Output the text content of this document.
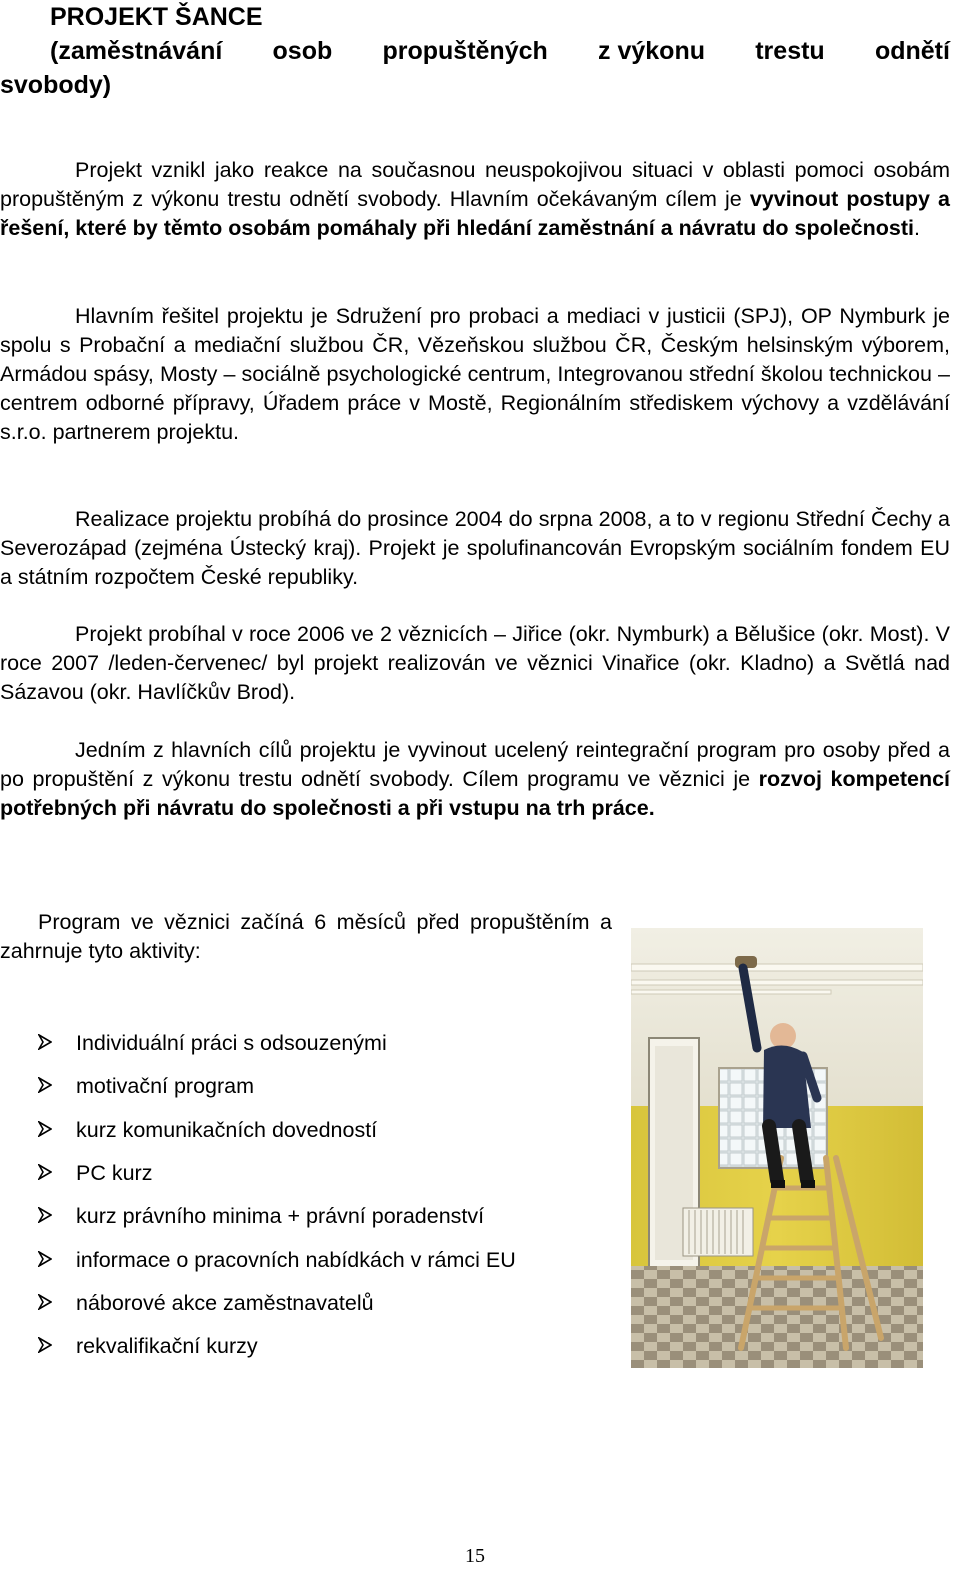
PROJEKT ŠANCE
(zaměstnávání osob propuštěných z výkonu trestu odnětí
svobody)

Projekt vznikl jako reakce na současnou neuspokojivou situaci v oblasti pomoci osobám propuštěným z výkonu trestu odnětí svobody. Hlavním očekávaným cílem je vyvinout postupy a řešení, které by těmto osobám pomáhaly při hledání zaměstnání a návratu do společnosti.

Hlavním řešitel projektu je Sdružení pro probaci a mediaci v justicii (SPJ), OP Nymburk je spolu s Probační a mediační službou ČR, Vězeňskou službou ČR, Českým helsinským výborem, Armádou spásy, Mosty – sociálně psychologické centrum, Integrovanou střední školou technickou – centrem odborné přípravy, Úřadem práce v Mostě, Regionálním střediskem výchovy a vzdělávání s.r.o. partnerem projektu.

Realizace projektu probíhá do prosince 2004 do srpna 2008, a to v regionu Střední Čechy a Severozápad (zejména Ústecký kraj). Projekt je spolufinancován Evropským sociálním fondem EU a státním rozpočtem České republiky.

Projekt probíhal v roce 2006 ve 2 věznicích – Jiřice (okr. Nymburk) a Bělušice (okr. Most). V roce 2007 /leden-červenec/ byl projekt realizován ve věznici Vinařice (okr. Kladno) a Světlá nad Sázavou (okr. Havlíčkův Brod).

Jedním z hlavních cílů projektu je vyvinout ucelený reintegrační program pro osoby před a po propuštění z výkonu trestu odnětí svobody. Cílem programu ve věznici je rozvoj kompetencí potřebných při návratu do společnosti a při vstupu na trh práce.

Program ve věznici začíná 6 měsíců před propuštěním a zahrnuje tyto aktivity:

Individuální práci s odsouzenými
motivační program
kurz komunikačních dovedností
PC kurz
kurz právního minima + právní poradenství
informace o pracovních nabídkách v rámci EU
náborové akce zaměstnavatelů
rekvalifikační kurzy
15
